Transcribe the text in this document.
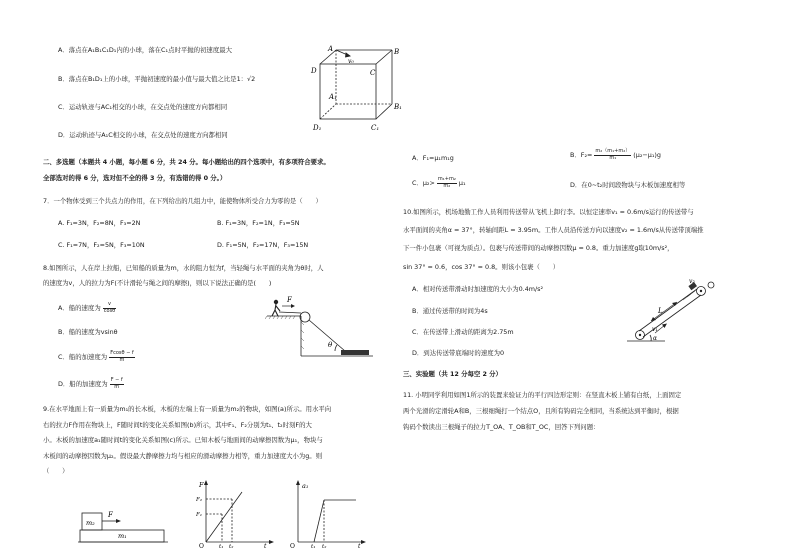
A．落点在A₁B₁C₁D₁内的小球，落在C₁点时平抛的初速度最大
B．落点在B₁D₁上的小球，平抛初速度的最小值与最大值之比是1：√2
C．运动轨迹与AC₁相交的小球，在交点处的速度方向都相同
D．运动轨迹与A₁C相交的小球，在交点处的速度方向都相同
A	B
C
D
A₁
B₁
C₁
D₁
v₀
二、多选题（本题共 4 小题，每小题 6 分，共 24 分。每小题给出的四个选项中，有多项符合要求。
全部选对的得 6 分，选对但不全的得 3 分，有选错的得 0 分。）
7．一个物体受到三个共点力的作用，在下列给出的几组力中，能使物体所受合力为零的是（　　）
A. F₁=3N，F₂=8N，F₃=2N	B. F₁=3N，F₂=1N，F₃=5N
C. F₁=7N，F₂=5N，F₃=10N	D. F₁=5N，F₂=17N，F₃=15N
8.如图所示，人在岸上拉船，已知船的质量为m，水的阻力恒为f，当轻绳与水平面的夹角为θ时，人
的速度为v，人的拉力为F(不计滑轮与绳之间的摩擦)，则以下说法正确的是(　　)
A．船的速度为 $\frac{v}{\cos\theta}$
B．船的速度为vsinθ
C．船的加速度为 $\frac{Fcos\theta - f}{m}$
D．船的加速度为 $\frac{F - f}{m}$
F
θ
9.在水平地面上有一质量为m₁的长木板，木板的左端上有一质量为m₂的物块，如图(a)所示。用水平向
右的拉力F作用在物块上，F随时间t的变化关系如图(b)所示，其中F₁、F₂分别为t₁、t₂时刻F的大
小。木板的加速度a₁随时间t的变化关系如图(c)所示。已知木板与地面间的动摩擦因数为μ₁，物块与
木板间的动摩擦因数为μ₂。假设最大静摩擦力均与相应的滑动摩擦力相等，重力加速度大小为g。则
（　　）
m₂
F
m₁
F
F₂
F₁
O	t₁ t₂	t
a₁
O	t₁ t₂	t
A．F₁=μ₁m₁g	B．$F_2= \frac{\text{m₂（m₁+m₂）}}{\text{m₁}} (\mu_2-\mu_1)g$
C．$\mu_2> \frac{\text{m₁+m₂}}{\text{m₂}} \mu_1$	D．在0~t₂时间段物块与木板加速度相等
10.如图所示，机场地勤工作人员利用传送带从飞机上卸行李。以恒定速率v₁ = 0.6m/s运行的传送带与
水平面间的夹角α = 37°，转轴间距L = 3.95m。工作人员沿传送方向以速度v₂ = 1.6m/s从传送带顶端推
下一件小包裹（可视为质点）。包裹与传送带间的动摩擦因数μ = 0.8。重力加速度g取10m/s²，
sin 37° = 0.6，cos 37° = 0.8。则该小包裹（　　）
A．相对传送带滑动时加速度的大小为0.4m/s²
B．通过传送带的时间为4s
C．在传送带上滑动的距离为2.75m
D．到达传送带底端时的速度为0
v₂
L
v₁
α
三、实验题（共 12 分每空 2 分）
11. 小明同学利用如图1所示的装置来验证力的平行四边形定则：在竖直木板上铺有白纸，上面固定
两个光滑的定滑轮A和B，三根细绳打一个结点O，且所有钩码完全相同，当系统达到平衡时，根据
钩码个数读出三根绳子的拉力T_OA、T_OB和T_OC，回答下列问题：
